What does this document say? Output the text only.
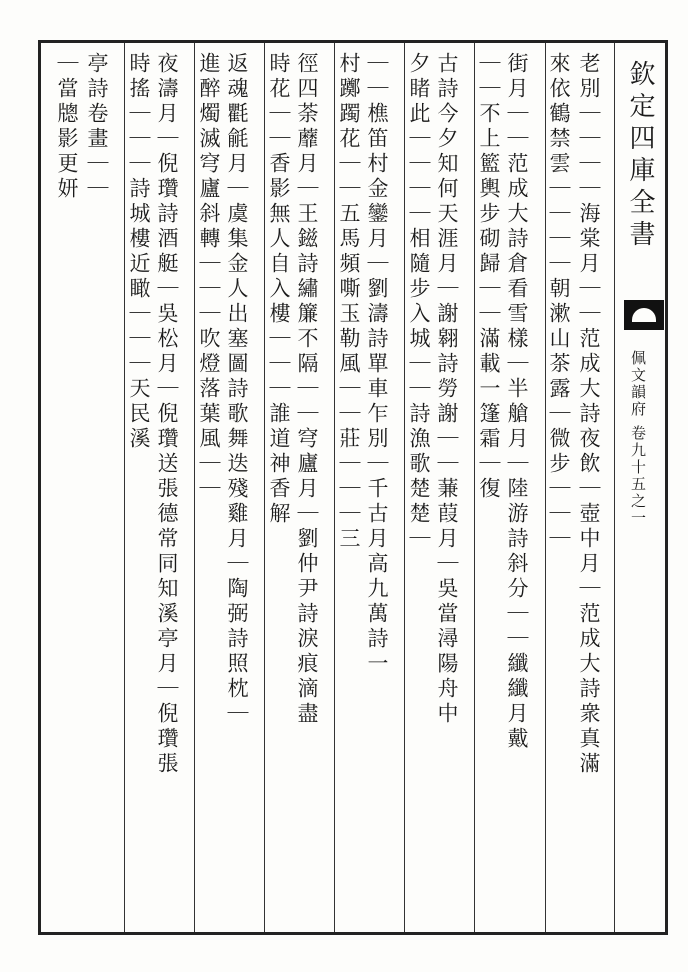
欽定四庫全書
佩文韻府 卷九十五之一
老別｜｜｜｜海棠月｜｜范成大詩夜飲｜壺中月｜范成大詩衆真滿
來依鶴禁雲｜｜｜｜朝漱山茶露｜微步｜｜｜
街月｜｜范成大詩倉看雪樣｜半艙月｜陸游詩斜分｜｜纖纖月戴
｜｜不上籃輿步砌歸｜｜滿載一篷霜｜復
古詩今夕知何天涯月｜謝翱詩勞謝｜｜蒹葭月｜吳當潯陽舟中
夕睹此｜｜｜｜相隨步入城｜｜詩漁歌楚楚｜
｜｜樵笛村金鑾月｜劉濤詩單車乍別｜千古月高九萬詩一
村躑躅花｜｜五馬頻嘶玉勒風｜｜莊｜｜｜三
徑四荼蘼月｜王鎡詩繡簾不隔｜｜穹廬月｜劉仲尹詩淚痕滴盡
時花｜｜香影無人自入樓｜｜｜誰道神香解
返魂氍毹月｜虞集金人出塞圖詩歌舞迭殘雞月｜陶弼詩照枕｜
進醉燭滅穹廬斜轉｜｜｜吹燈落葉風｜｜
夜濤月｜倪瓚詩酒艇｜吳松月｜倪瓚送張德常同知溪亭月｜倪瓚張
時搖｜｜｜詩城樓近瞰｜｜｜天民溪
亭詩卷畫｜｜
｜當牕影更妍
